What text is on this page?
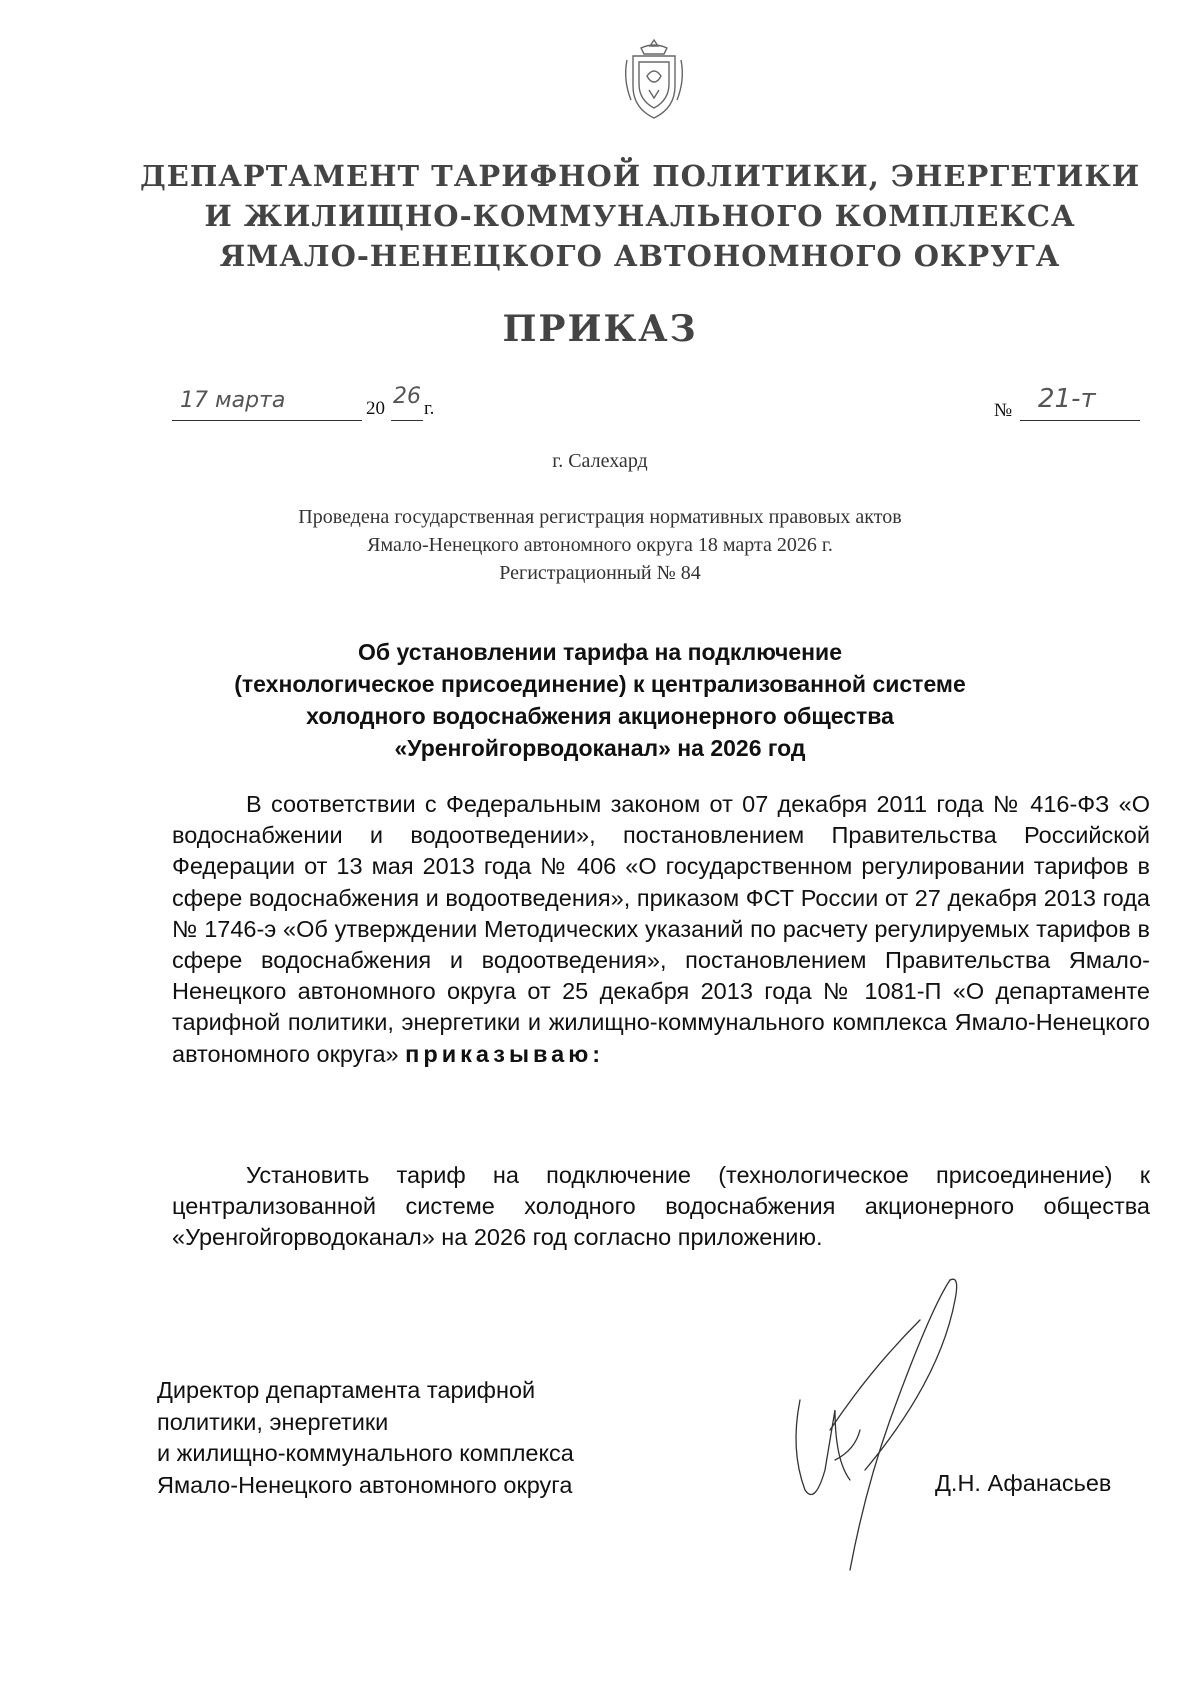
ДЕПАРТАМЕНТ ТАРИФНОЙ ПОЛИТИКИ, ЭНЕРГЕТИКИ
И ЖИЛИЩНО-КОММУНАЛЬНОГО КОМПЛЕКСА
ЯМАЛО-НЕНЕЦКОГО АВТОНОМНОГО ОКРУГА
ПРИКАЗ
17 марта	20 26 г.	№ 21-т
г. Салехард
Проведена государственная регистрация нормативных правовых актов
Ямало-Ненецкого автономного округа 18 марта 2026 г.
Регистрационный № 84
Об установлении тарифа на подключение
(технологическое присоединение) к централизованной системе
холодного водоснабжения акционерного общества
«Уренгойгорводоканал» на 2026 год

В соответствии с Федеральным законом от 07 декабря 2011 года № 416-ФЗ «О водоснабжении и водоотведении», постановлением Правительства Российской Федерации от 13 мая 2013 года № 406 «О государственном регулировании тарифов в сфере водоснабжения и водоотведения», приказом ФСТ России от 27 декабря 2013 года № 1746-э «Об утверждении Методических указаний по расчету регулируемых тарифов в сфере водоснабжения и водоотведения», постановлением Правительства Ямало-Ненецкого автономного округа от 25 декабря 2013 года № 1081-П «О департаменте тарифной политики, энергетики и жилищно-коммунального комплекса Ямало-Ненецкого автономного округа» приказываю:

Установить тариф на подключение (технологическое присоединение) к централизованной системе холодного водоснабжения акционерного общества «Уренгойгорводоканал» на 2026 год согласно приложению.

Директор департамента тарифной
политики, энергетики
и жилищно-коммунального комплекса
Ямало-Ненецкого автономного округа	Д.Н. Афанасьев
